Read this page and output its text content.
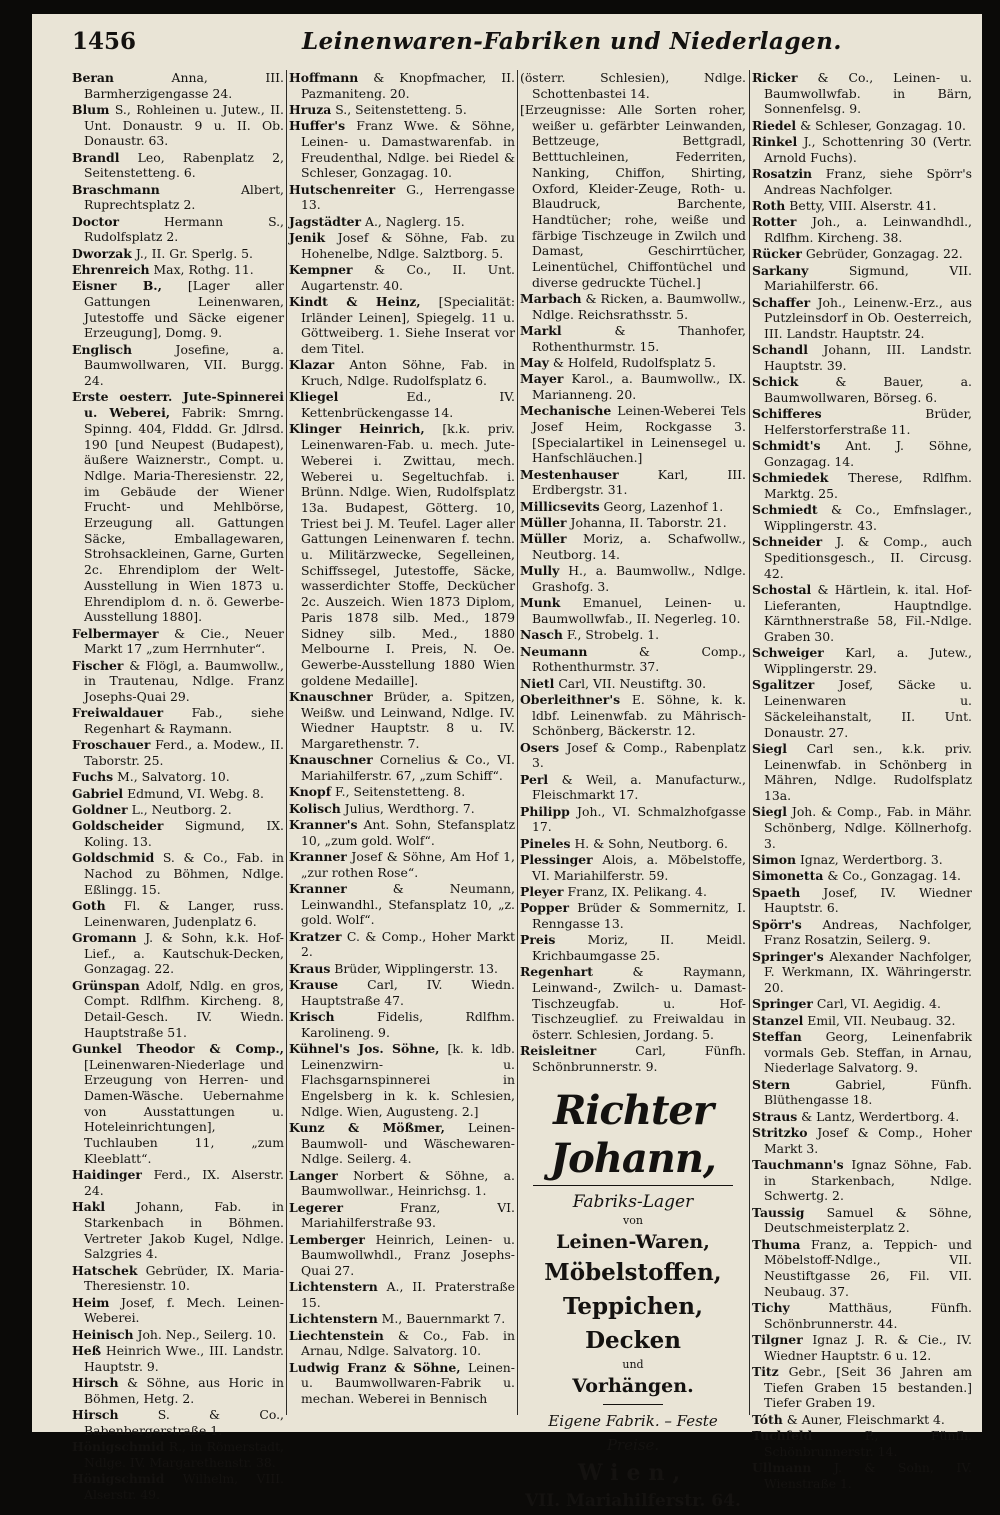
1456	Leinenwaren-Fabriken und Niederlagen.

Beran	Anna, III. Barmherzigengasse 24.

Blum S., Rohleinen u. Jutew., II. Unt. Donaustr. 9 u. II. Ob. Donaustr. 63.

Brandl Leo, Rabenplatz 2, Seitenstetteng. 6.

Braschmann	Albert, Ruprechtsplatz 2.

Doctor	Hermann S., Rudolfsplatz 2.

Dworzak J., II. Gr. Sperlg. 5.

Ehrenreich Max, Rothg. 11.

Eisner B., [Lager aller Gattungen Leinenwaren, Jutestoffe und Säcke eigener Erzeugung], Domg. 9.

Englisch	Josefine, a. Baumwollwaren, VII. Burgg. 24.

Erste oesterr. Jute-Spinnerei u. Weberei, Fabrik: Smrng. Spinng. 404, Flddd. Gr. Jdlrsd. 190 [und Neupest (Budapest), äußere Waiznerstr., Compt. u. Ndlge. Maria-Theresienstr. 22, im Gebäude der Wiener Frucht- und Mehlbörse, Erzeugung all. Gattungen Säcke, Emballagewaren, Strohsackleinen, Garne, Gurten 2c. Ehrendiplom der Welt-Ausstellung in Wien 1873 u. Ehrendiplom d. n. ö. Gewerbe-Ausstellung 1880].

Felbermayer & Cie., Neuer Markt 17 „zum Herrnhuter“.

Fischer & Flögl, a. Baumwollw., in Trautenau, Ndlge. Franz Josephs-Quai 29.

Freiwaldauer Fab., siehe Regenhart & Raymann.

Froschauer Ferd., a. Modew., II. Taborstr. 25.

Fuchs M., Salvatorg. 10.

Gabriel Edmund, VI. Webg. 8.

Goldner L., Neutborg. 2.

Goldscheider Sigmund, IX. Koling. 13.

Goldschmid S. & Co., Fab. in Nachod zu Böhmen, Ndlge. Eßlingg. 15.

Goth Fl. & Langer, russ. Leinenwaren, Judenplatz 6.

Gromann J. & Sohn, k.k. Hof-Lief., a. Kautschuk-Decken, Gonzagag. 22.

Grünspan Adolf, Ndlg. en gros, Compt. Rdlfhm. Kircheng. 8, Detail-Gesch. IV. Wiedn. Hauptstraße 51.

Gunkel Theodor & Comp., [Leinenwaren-Niederlage und Erzeugung von Herren- und Damen-Wäsche. Uebernahme von Ausstattungen u. Hoteleinrichtungen], Tuchlauben 11, „zum Kleeblatt“.

Haidinger Ferd., IX. Alserstr. 24.

Hakl Johann, Fab. in Starkenbach in Böhmen. Vertreter Jakob Kugel, Ndlge. Salzgries 4.

Hatschek Gebrüder, IX. Maria-Theresienstr. 10.

Heim Josef, f. Mech. Leinen-Weberei.

Heinisch Joh. Nep., Seilerg. 10.

Heß Heinrich Wwe., III. Landstr. Hauptstr. 9.

Hirsch & Söhne, aus Horic in Böhmen, Hetg. 2.

Hirsch	S. & Co., Babenbergerstraße 1.

Hönigschmid R., in Römerstadt, Ndlge. IV. Margarethenstr. 38.

Hönigschmid Wilhelm, VIII. Alserstr. 49.

Hoffmann & Knopfmacher, II. Pazmaniteng. 20.

Hruza S., Seitenstetteng. 5.

Huffer's Franz Wwe. & Söhne, Leinen- u. Damastwarenfab. in Freudenthal, Ndlge. bei Riedel & Schleser, Gonzagag. 10.

Hutschenreiter G., Herrengasse 13.

Jagstädter A., Naglerg. 15.

Jenik Josef & Söhne, Fab. zu Hohenelbe, Ndlge. Salztborg. 5.

Kempner & Co., II. Unt. Augartenstr. 40.

Kindt & Heinz, [Specialität: Irländer Leinen], Spiegelg. 11 u. Göttweiberg. 1. Siehe Inserat vor dem Titel.

Klazar Anton Söhne, Fab. in Kruch, Ndlge. Rudolfsplatz 6.

Kliegel	Ed., IV. Kettenbrückengasse 14.

Klinger Heinrich, [k.k. priv. Leinenwaren-Fab. u. mech. Jute-Weberei i. Zwittau, mech. Weberei u. Segeltuchfab. i. Brünn. Ndlge. Wien, Rudolfsplatz 13a. Budapest, Götterg. 10, Triest bei J. M. Teufel. Lager aller Gattungen Leinenwaren f. techn. u. Militärzwecke, Segelleinen, Schiffssegel, Jutestoffe, Säcke, wasserdichter Stoffe, Deckücher 2c. Auszeich. Wien 1873 Diplom, Paris 1878 silb. Med., 1879 Sidney silb. Med., 1880 Melbourne I. Preis, N. Oe. Gewerbe-Ausstellung 1880 Wien goldene Medaille].

Knauschner Brüder, a. Spitzen, Weißw. und Leinwand, Ndlge. IV. Wiedner Hauptstr. 8 u. IV. Margarethenstr. 7.

Knauschner Cornelius & Co., VI. Mariahilferstr. 67, „zum Schiff“.

Knopf F., Seitenstetteng. 8.

Kolisch Julius, Werdthorg. 7.

Kranner's Ant. Sohn, Stefansplatz 10, „zum gold. Wolf“.

Kranner Josef & Söhne, Am Hof 1, „zur rothen Rose“.

Kranner	& Neumann, Leinwandhl., Stefansplatz 10, „z. gold. Wolf“.

Kratzer C. & Comp., Hoher Markt 2.

Kraus Brüder, Wipplingerstr. 13.

Krause Carl, IV. Wiedn. Hauptstraße 47.

Krisch	Fidelis, Rdlfhm. Karolineng. 9.

Kühnel's Jos. Söhne, [k. k. ldb. Leinenzwirn- u. Flachsgarnspinnerei in Engelsberg in k. k. Schlesien, Ndlge. Wien, Augusteng. 2.]

Kunz & Mößmer, Leinen-Baumwoll- und Wäschewaren-Ndlge. Seilerg. 4.

Langer Norbert & Söhne, a. Baumwollwar., Heinrichsg. 1.

Legerer	Franz, VI. Mariahilferstraße 93.

Lemberger Heinrich, Leinen- u. Baumwollwhdl., Franz Josephs-Quai 27.

Lichtenstern A., II. Praterstraße 15.

Lichtenstern M., Bauernmarkt 7.

Liechtenstein & Co., Fab. in Arnau, Ndlge. Salvatorg. 10.

Ludwig Franz & Söhne, Leinen- u. Baumwollwaren-Fabrik u. mechan. Weberei in Bennisch

(österr. Schlesien), Ndlge. Schottenbastei 14.

[Erzeugnisse: Alle Sorten roher, weißer u. gefärbter Leinwanden, Bettzeuge, Bettgradl, Betttuchleinen, Federriten, Nanking, Chiffon, Shirting, Oxford, Kleider-Zeuge, Roth- u. Blaudruck, Barchente, Handtücher; rohe, weiße und färbige Tischzeuge in Zwilch und Damast, Geschirrtücher, Leinentüchel, Chiffontüchel und diverse gedruckte Tüchel.]

Marbach & Ricken, a. Baumwollw., Ndlge. Reichsrathsstr. 5.

Markl	& Thanhofer, Rothenthurmstr. 15.

May & Holfeld, Rudolfsplatz 5.

Mayer Karol., a. Baumwollw., IX. Marianneng. 20.

Mechanische Leinen-Weberei Tels Josef Heim, Rockgasse 3. [Specialartikel in Leinensegel u. Hanfschläuchen.]

Mestenhauser	Karl, III. Erdbergstr. 31.

Millicsevits Georg, Lazenhof 1.

Müller Johanna, II. Taborstr. 21.

Müller Moriz, a. Schafwollw., Neutborg. 14.

Mully H., a. Baumwollw., Ndlge. Grashofg. 3.

Munk Emanuel, Leinen- u. Baumwollwfab., II. Negerleg. 10.

Nasch F., Strobelg. 1.

Neumann	& Comp., Rothenthurmstr. 37.

Nietl Carl, VII. Neustiftg. 30.

Oberleithner's E. Söhne, k. k. ldbf. Leinenwfab. zu Mährisch-Schönberg, Bäckerstr. 12.

Osers Josef & Comp., Rabenplatz 3.

Perl & Weil, a. Manufacturw., Fleischmarkt 17.

Philipp Joh., VI. Schmalzhofgasse 17.

Pineles H. & Sohn, Neutborg. 6.

Plessinger Alois, a. Möbelstoffe, VI. Mariahilferstr. 59.

Pleyer Franz, IX. Pelikang. 4.

Popper Brüder & Sommernitz, I. Renngasse 13.

Preis	Moriz, II. Meidl. Krichbaumgasse 25.

Regenhart	& Raymann, Leinwand-, Zwilch- u. Damast-Tischzeugfab. u. Hof-Tischzeuglief. zu Freiwaldau in österr. Schlesien, Jordang. 5.

Reisleitner	Carl, Fünfh. Schönbrunnerstr. 9.

Richter Johann,
Fabriks-Lager
von
Leinen-Waren,
Möbelstoffen,
Teppichen, Decken
und
Vorhängen.
Eigene Fabrik. – Feste Preise.
Wien,
VII. Mariahilferstr. 64.

Ricker & Co., Leinen- u. Baumwollwfab. in Bärn, Sonnenfelsg. 9.

Riedel & Schleser, Gonzagag. 10.

Rinkel J., Schottenring 30 (Vertr. Arnold Fuchs).

Rosatzin Franz, siehe Spörr's Andreas Nachfolger.

Roth Betty, VIII. Alserstr. 41.

Rotter Joh., a. Leinwandhdl., Rdlfhm. Kircheng. 38.

Rücker Gebrüder, Gonzagag. 22.

Sarkany	Sigmund, VII. Mariahilferstr. 66.

Schaffer Joh., Leinenw.-Erz., aus Putzleinsdorf in Ob. Oesterreich, III. Landstr. Hauptstr. 24.

Schandl Johann, III. Landstr. Hauptstr. 39.

Schick	& Bauer, a. Baumwollwaren, Börseg. 6.

Schifferes	Brüder, Helferstorferstraße 11.

Schmidt's Ant. J. Söhne, Gonzagag. 14.

Schmiedek Therese, Rdlfhm. Marktg. 25.

Schmiedt & Co., Emfnslager., Wipplingerstr. 43.

Schneider J. & Comp., auch Speditionsgesch., II. Circusg. 42.

Schostal & Härtlein, k. ital. Hof-Lieferanten, Hauptndlge. Kärnthnerstraße 58, Fil.-Ndlge. Graben 30.

Schweiger Karl, a. Jutew., Wipplingerstr. 29.

Sgalitzer Josef, Säcke u. Leinenwaren u. Säckeleihanstalt, II. Unt. Donaustr. 27.

Siegl Carl sen., k.k. priv. Leinenwfab. in Schönberg in Mähren, Ndlge. Rudolfsplatz 13a.

Siegl Joh. & Comp., Fab. in Mähr. Schönberg, Ndlge. Köllnerhofg. 3.

Simon Ignaz, Werdertborg. 3.

Simonetta & Co., Gonzagag. 14.

Spaeth Josef, IV. Wiedner Hauptstr. 6.

Spörr's Andreas, Nachfolger, Franz Rosatzin, Seilerg. 9.

Springer's Alexander Nachfolger, F. Werkmann, IX. Währingerstr. 20.

Springer Carl, VI. Aegidig. 4.

Stanzel Emil, VII. Neubaug. 32.

Steffan Georg, Leinenfabrik vormals Geb. Steffan, in Arnau, Niederlage Salvatorg. 9.

Stern	Gabriel, Fünfh. Blüthengasse 18.

Straus & Lantz, Werdertborg. 4.

Stritzko Josef & Comp., Hoher Markt 3.

Tauchmann's Ignaz Söhne, Fab. in Starkenbach, Ndlge. Schwertg. 2.

Taussig Samuel & Söhne, Deutschmeisterplatz 2.

Thuma Franz, a. Teppich- und Möbelstoff-Ndlge., VII. Neustiftgasse 26, Fil. VII. Neubaug. 37.

Tichy	Matthäus, Fünfh. Schönbrunnerstr. 44.

Tilgner Ignaz J. R. & Cie., IV. Wiedner Hauptstr. 6 u. 12.

Titz Gebr., [Seit 36 Jahren am Tiefen Graben 15 bestanden.] Tiefer Graben 19.

Tóth & Auner, Fleischmarkt 4.

Tuchfeld	P., Fünfh. Schönbrunnerstr. 14.

Ullmann J. & Sohn, IV. Wienstraße 1.
